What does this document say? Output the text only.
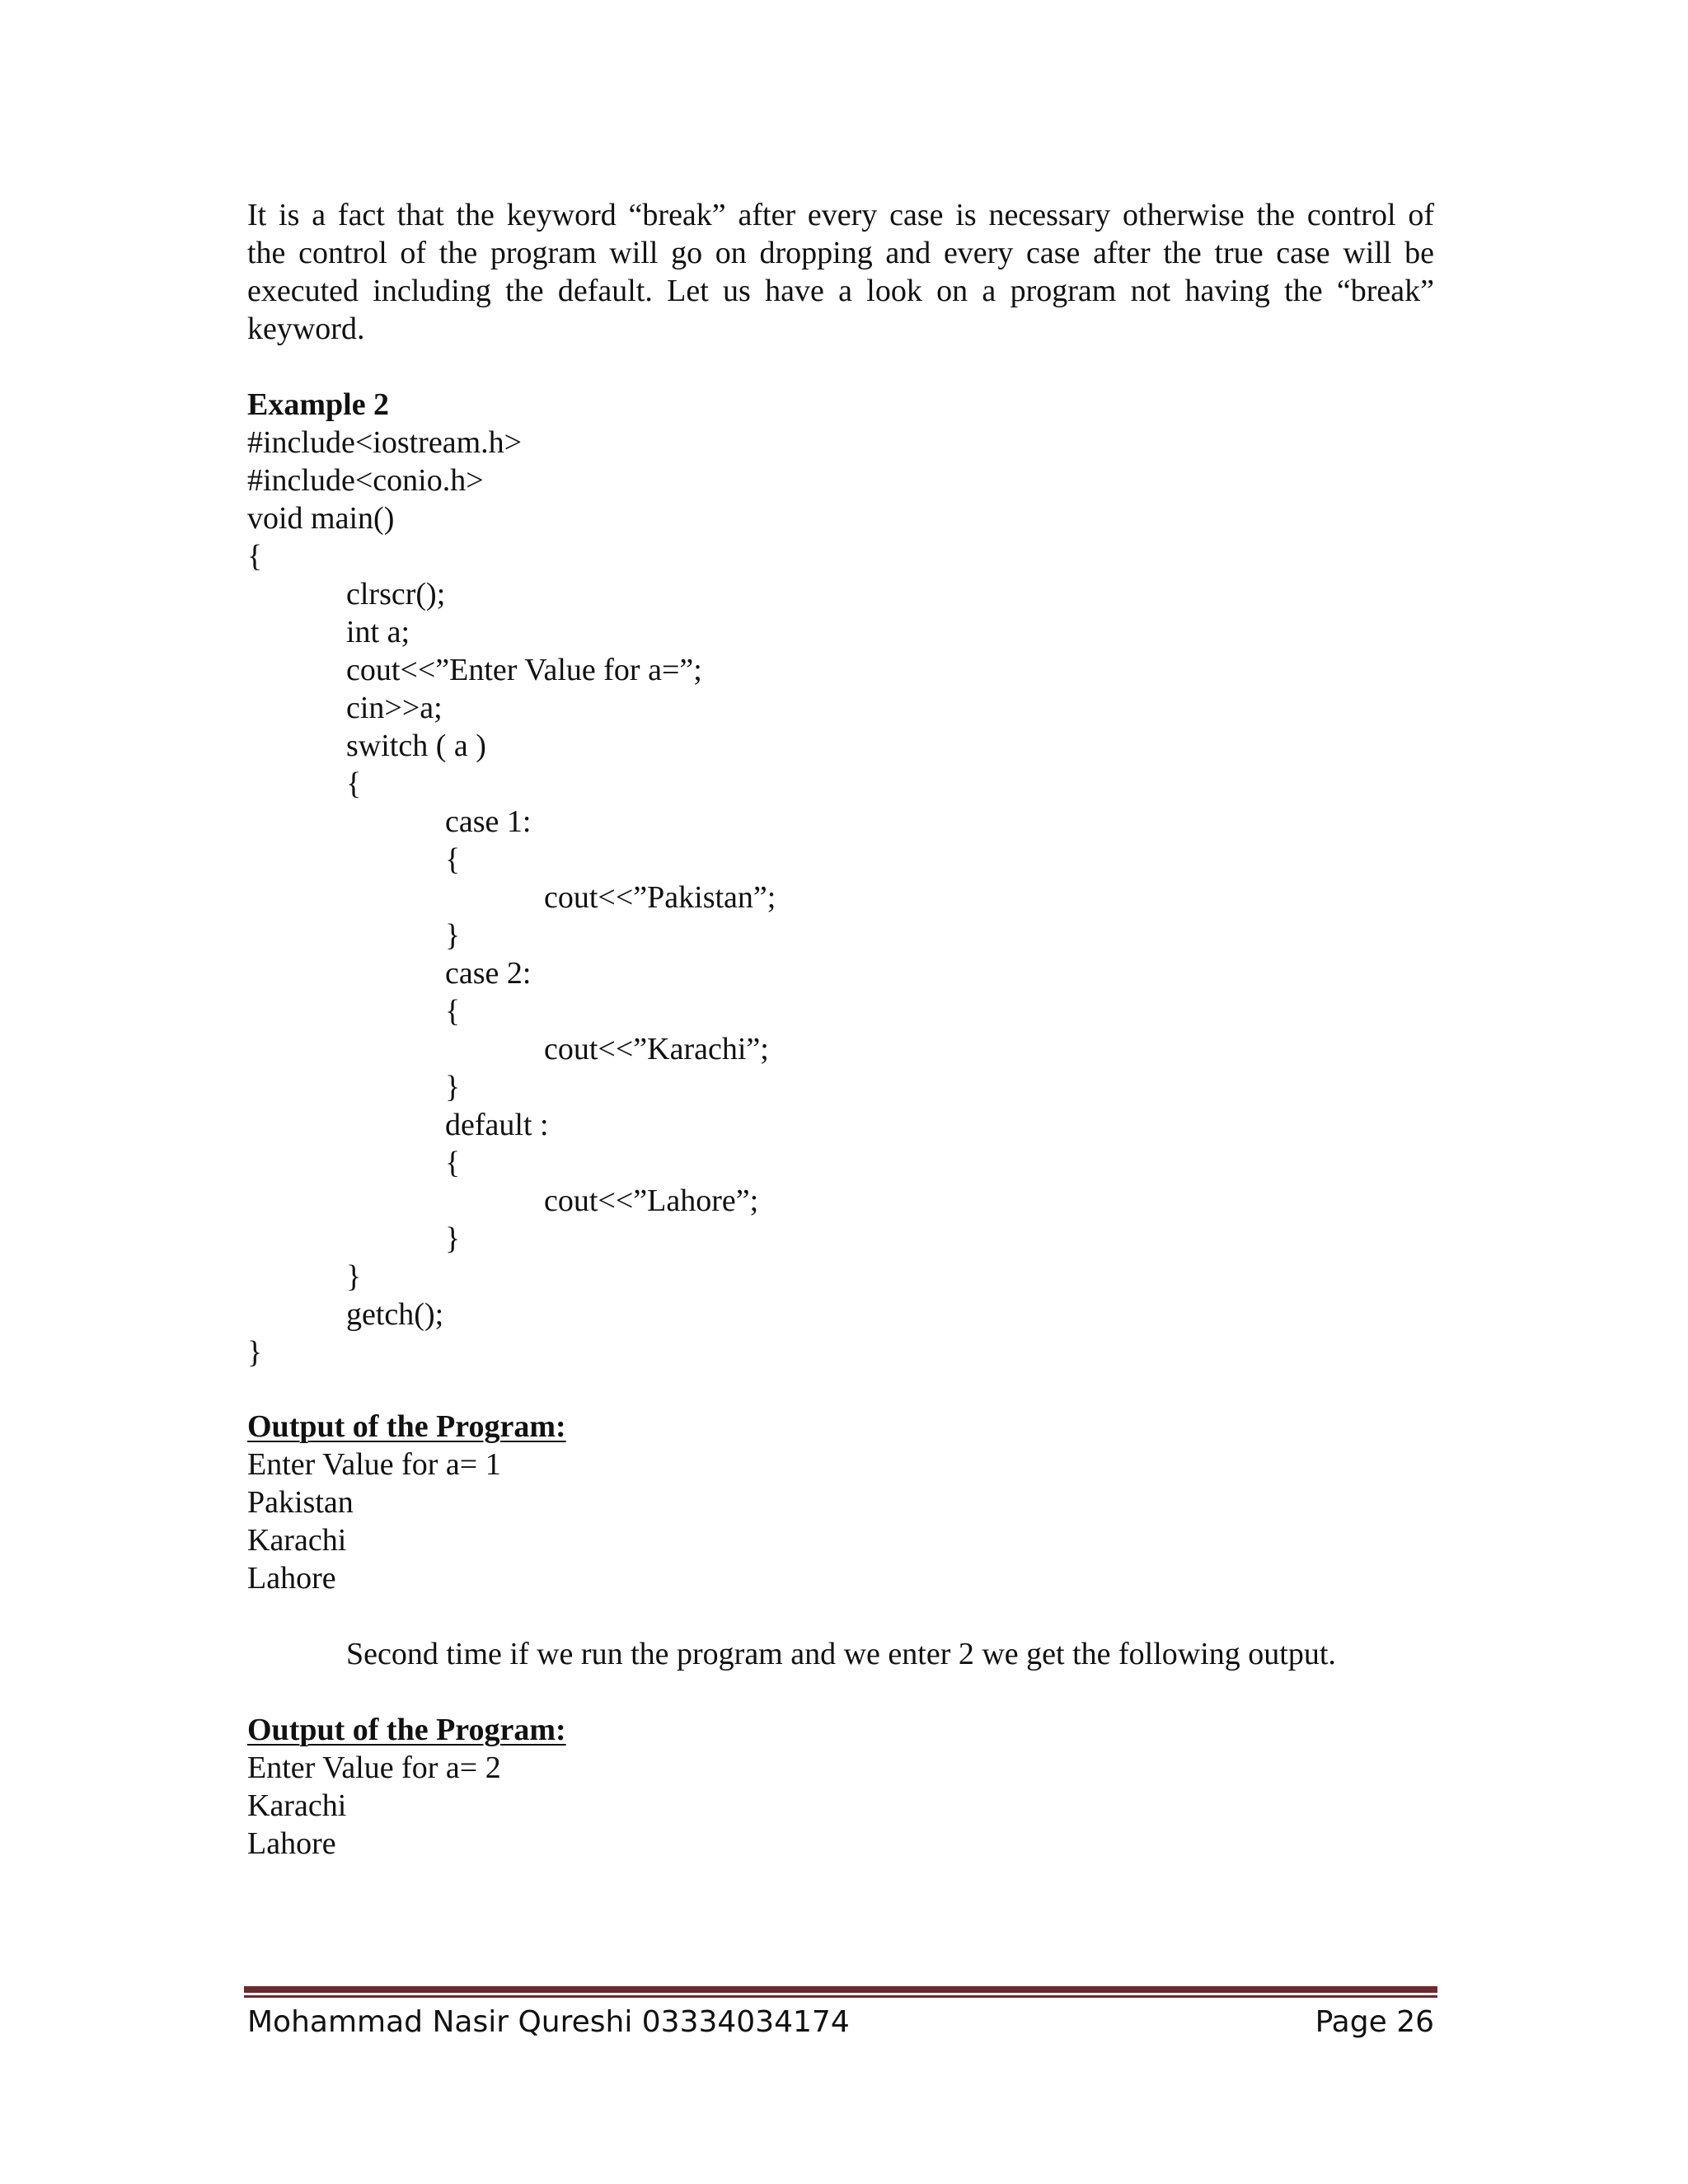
It is a fact that the keyword “break” after every case is necessary otherwise the control of
the control of the program will go on dropping and every case after the true case will be
executed including the default. Let us have a look on a program not having the “break”
keyword.
Example 2
#include<iostream.h>
#include<conio.h>
void main()
{
clrscr();
int a;
cout<<”Enter Value for a=”;
cin>>a;
switch ( a )
{
case 1:
{
cout<<”Pakistan”;
}
case 2:
{
cout<<”Karachi”;
}
default :
{
cout<<”Lahore”;
}
}
getch();
}
Output of the Program:
Enter Value for a= 1
Pakistan
Karachi
Lahore
Second time if we run the program and we enter 2 we get the following output.
Output of the Program:
Enter Value for a= 2
Karachi
Lahore
Mohammad Nasir Qureshi 03334034174	Page 26
